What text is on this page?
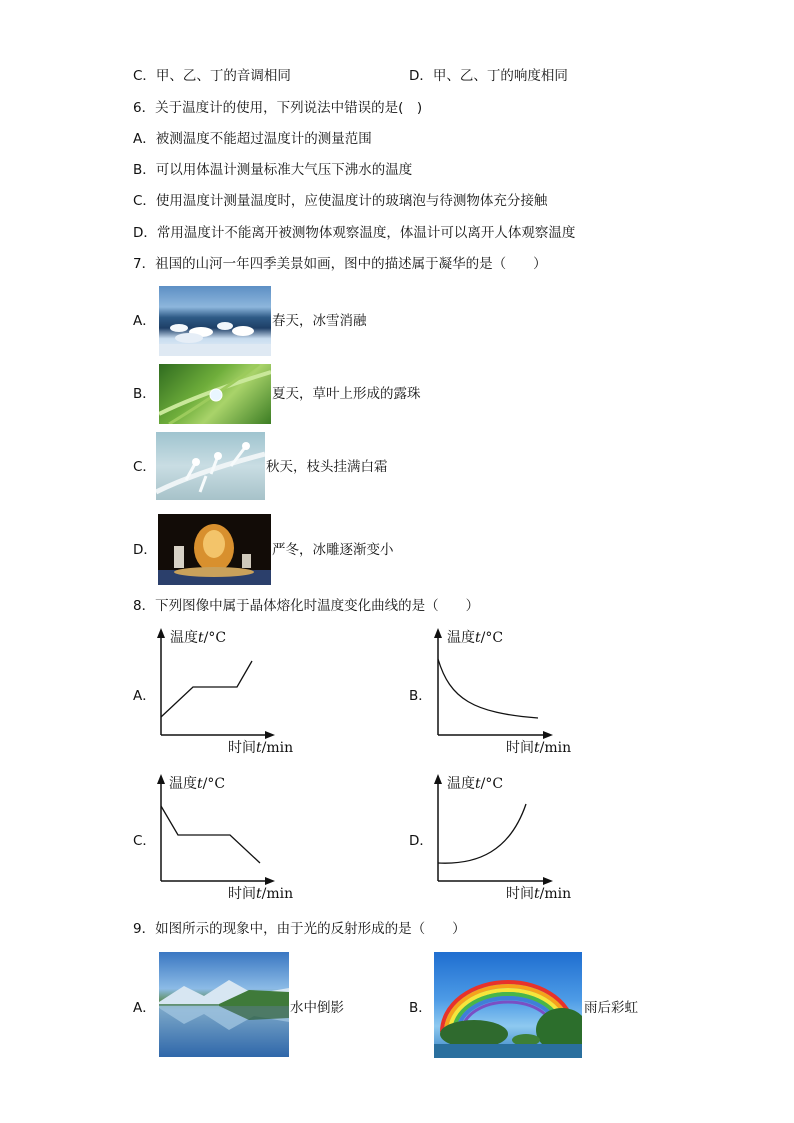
C．甲、乙、丁的音调相同	D．甲、乙、丁的响度相同
6．关于温度计的使用，下列说法中错误的是(　)
A．被测温度不能超过温度计的测量范围
B．可以用体温计测量标准大气压下沸水的温度
C．使用温度计测量温度时，应使温度计的玻璃泡与待测物体充分接触
D．常用温度计不能离开被测物体观察温度，体温计可以离开人体观察温度
7．祖国的山河一年四季美景如画，图中的描述属于凝华的是（　　）
A．	春天，冰雪消融
B．	夏天，草叶上形成的露珠
C．	秋天，枝头挂满白霜
D．	严冬，冰雕逐渐变小
8．下列图像中属于晶体熔化时温度变化曲线的是（　　）
A．
温度t/°C
时间t/min
B．
温度t/°C
时间t/min
C．
温度t/°C
时间t/min
D．
温度t/°C
时间t/min
9．如图所示的现象中，由于光的反射形成的是（　　）
A．	水中倒影	B．	雨后彩虹
